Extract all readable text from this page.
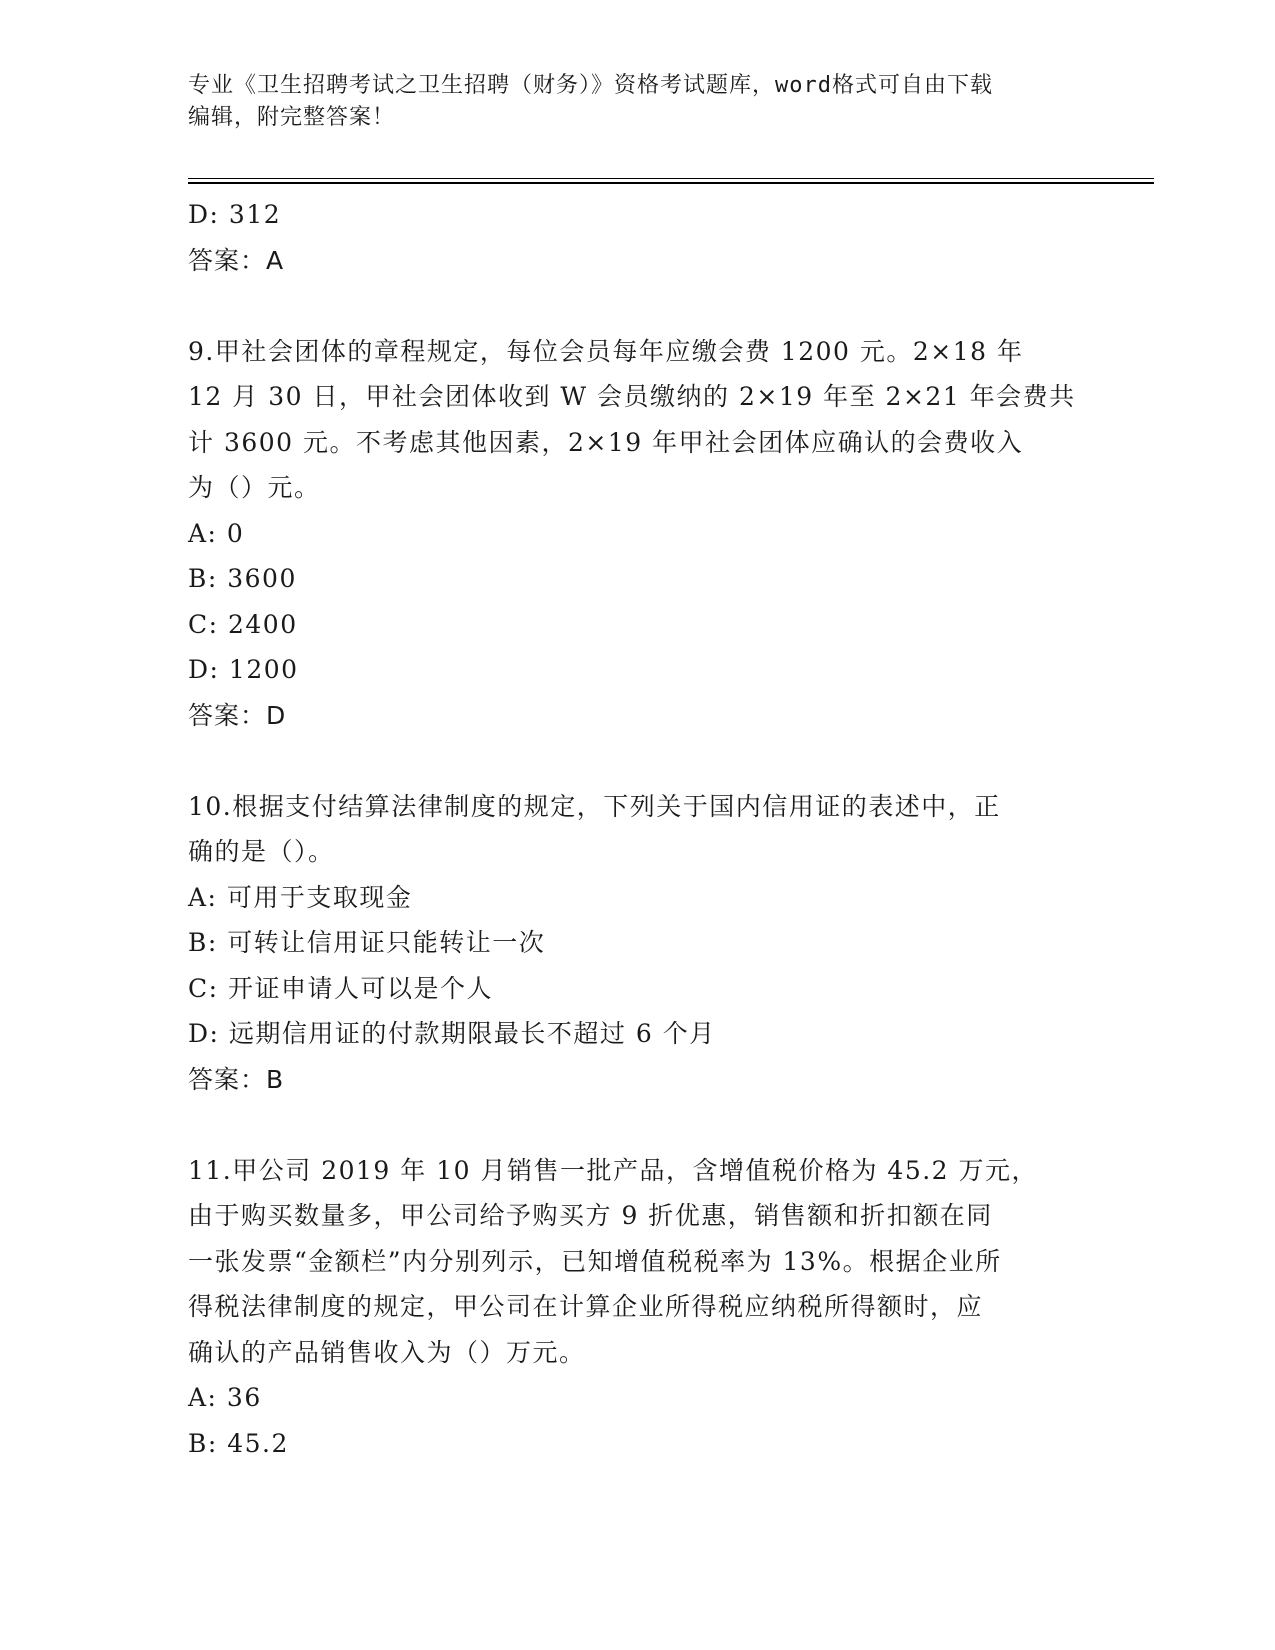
专业《卫生招聘考试之卫生招聘（财务）》资格考试题库，word格式可自由下载
编辑，附完整答案！

D: 312

答案：A

9.甲社会团体的章程规定，每位会员每年应缴会费 1200 元。2×18 年

12 月 30 日，甲社会团体收到 W 会员缴纳的 2×19 年至 2×21 年会费共

计 3600 元。不考虑其他因素，2×19 年甲社会团体应确认的会费收入

为（）元。

A: 0

B: 3600

C: 2400

D: 1200

答案：D

10.根据支付结算法律制度的规定，下列关于国内信用证的表述中，正

确的是（）。

A: 可用于支取现金

B: 可转让信用证只能转让一次

C: 开证申请人可以是个人

D: 远期信用证的付款期限最长不超过 6 个月

答案：B

11.甲公司 2019 年 10 月销售一批产品，含增值税价格为 45.2 万元，

由于购买数量多，甲公司给予购买方 9 折优惠，销售额和折扣额在同

一张发票“金额栏”内分别列示，已知增值税税率为 13%。根据企业所

得税法律制度的规定，甲公司在计算企业所得税应纳税所得额时，应

确认的产品销售收入为（）万元。

A: 36

B: 45.2
